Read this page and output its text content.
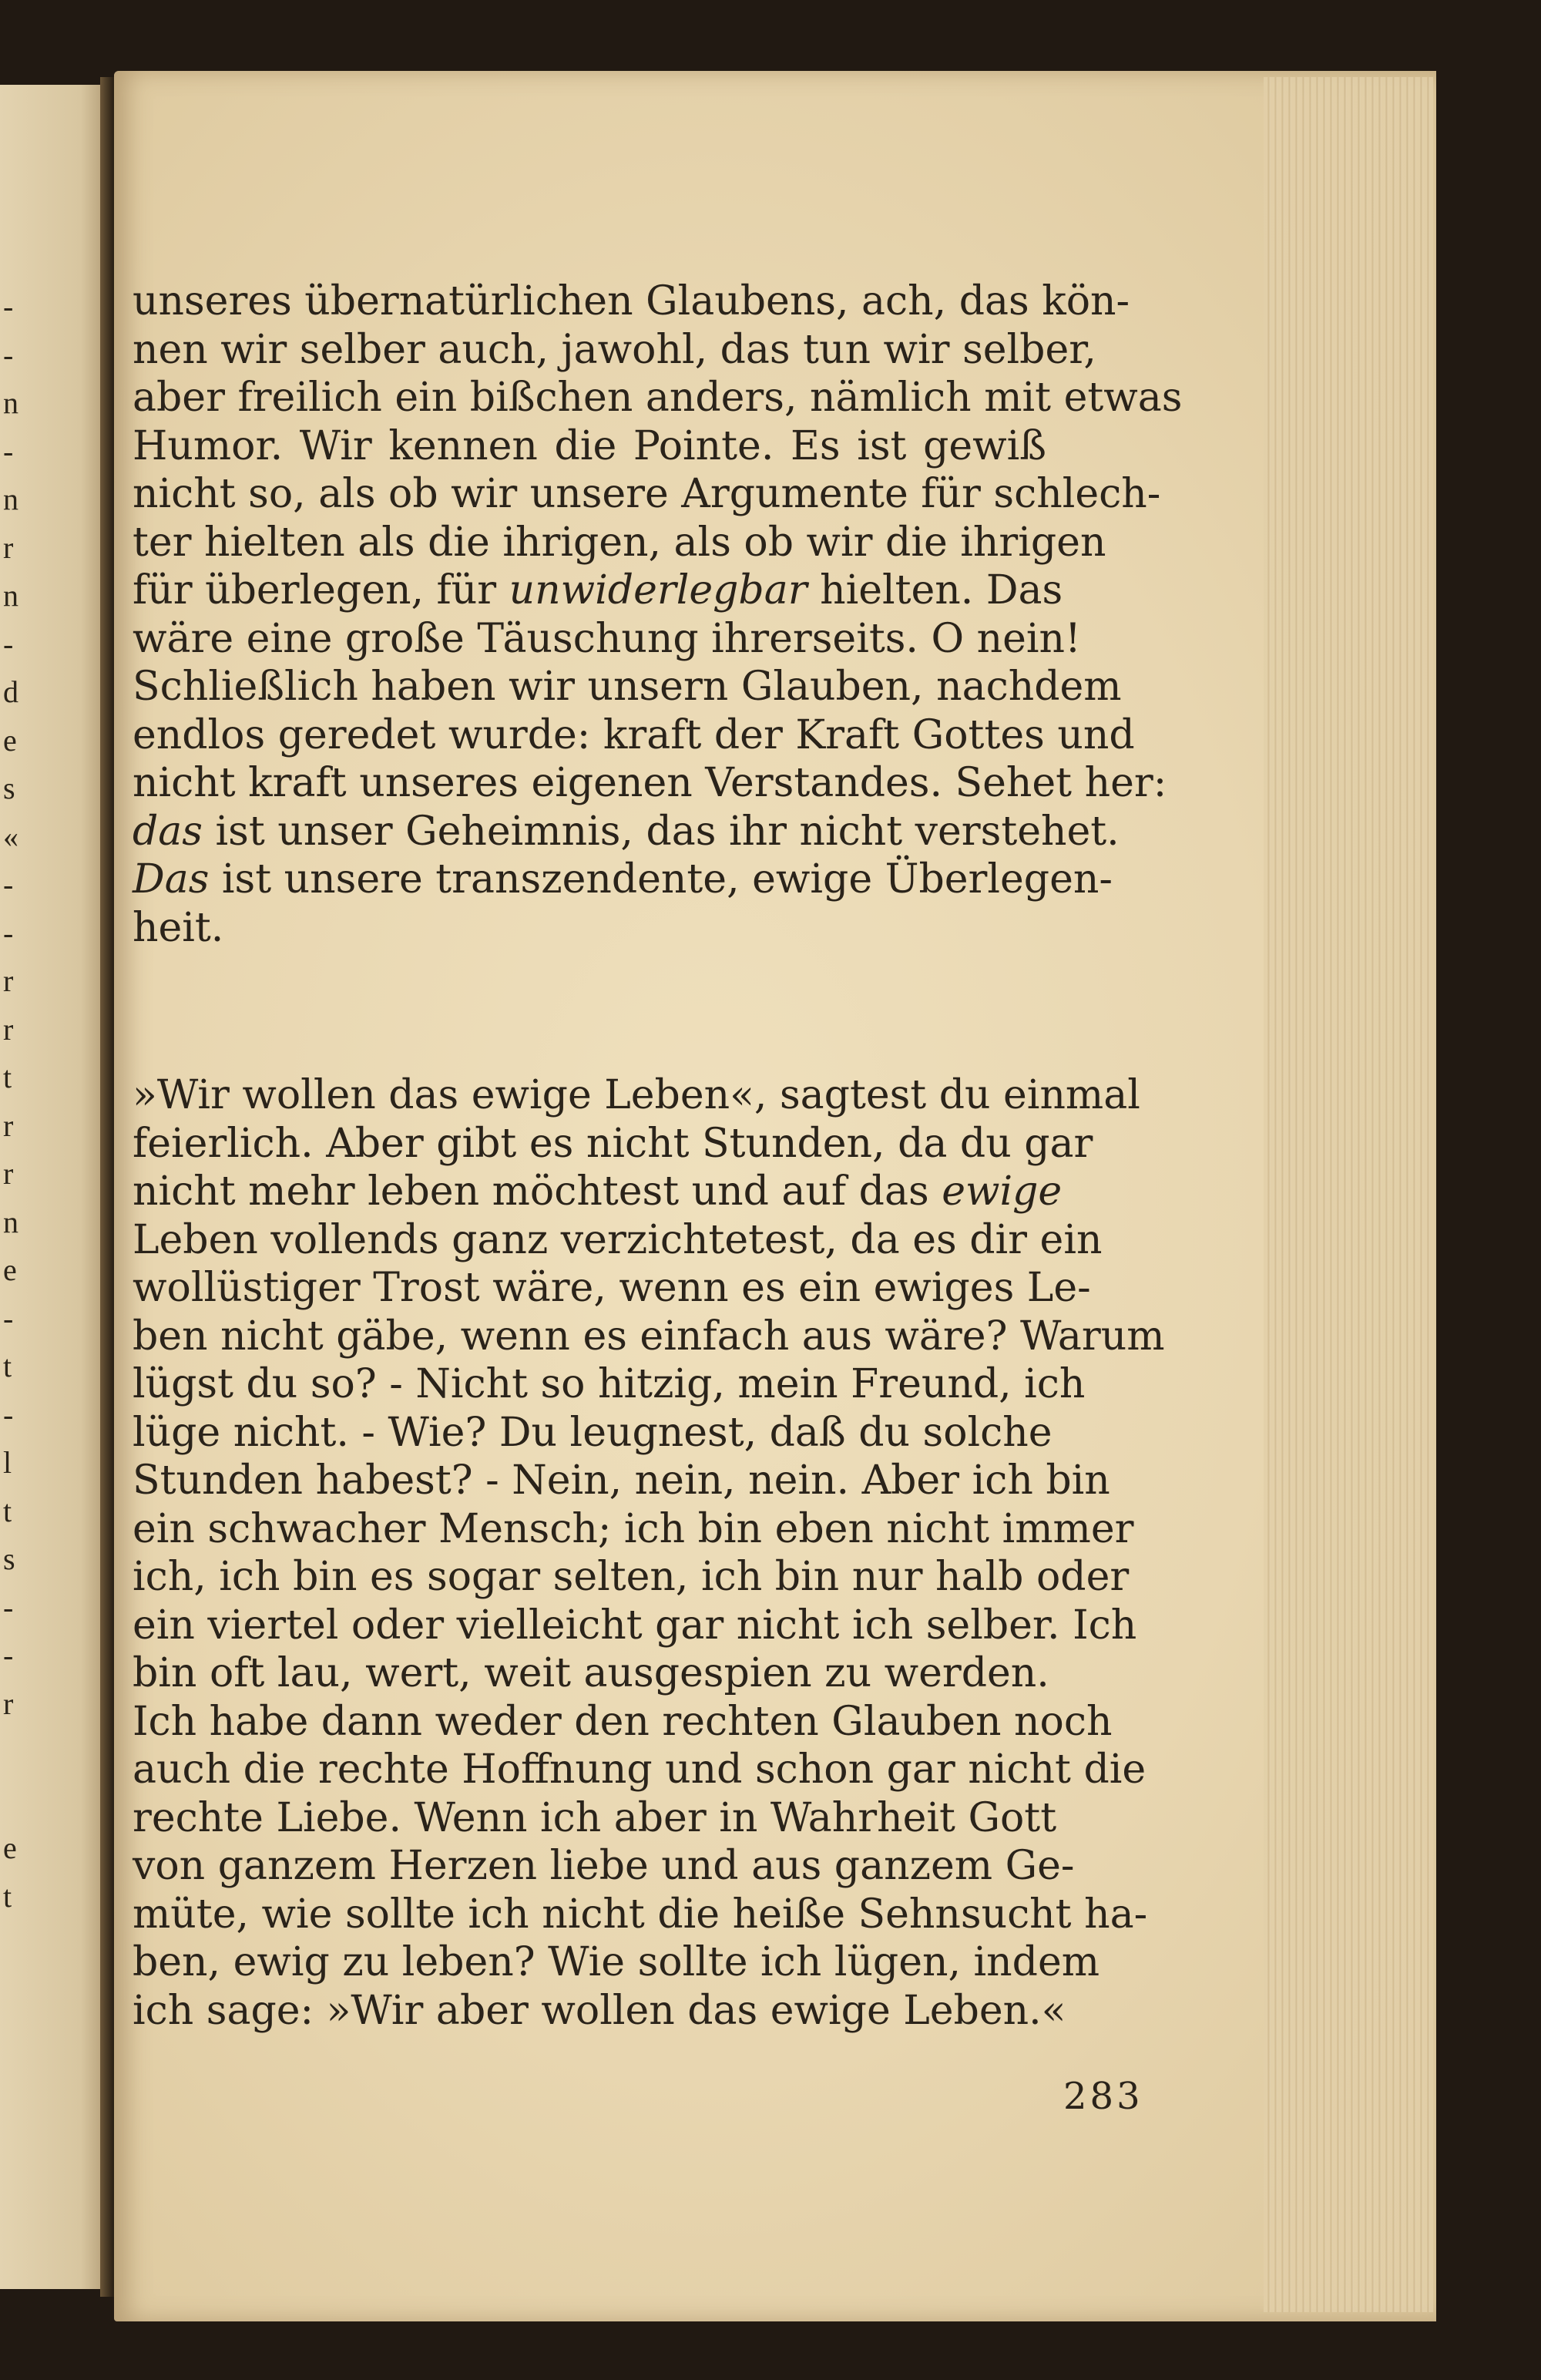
-
-
n
-
n
r
n
-
d
e
s
«
-
-
r
r
t
r
r
n
e
-
t
-
l
t
s
-
-
r
e
t
unseres übernatürlichen Glaubens, ach, das kön-
nen wir selber auch, jawohl, das tun wir selber,
aber freilich ein bißchen anders, nämlich mit etwas
Humor. Wir kennen die Pointe. Es ist gewiß
nicht so, als ob wir unsere Argumente für schlech-
ter hielten als die ihrigen, als ob wir die ihrigen
für überlegen, für unwiderlegbar hielten. Das
wäre eine große Täuschung ihrerseits. O nein!
Schließlich haben wir unsern Glauben, nachdem
endlos geredet wurde: kraft der Kraft Gottes und
nicht kraft unseres eigenen Verstandes. Sehet her:
das ist unser Geheimnis, das ihr nicht verstehet.
Das ist unsere transzendente, ewige Überlegen-
heit.
»Wir wollen das ewige Leben«, sagtest du einmal
feierlich. Aber gibt es nicht Stunden, da du gar
nicht mehr leben möchtest und auf das ewige
Leben vollends ganz verzichtetest, da es dir ein
wollüstiger Trost wäre, wenn es ein ewiges Le-
ben nicht gäbe, wenn es einfach aus wäre? Warum
lügst du so? - Nicht so hitzig, mein Freund, ich
lüge nicht. - Wie? Du leugnest, daß du solche
Stunden habest? - Nein, nein, nein. Aber ich bin
ein schwacher Mensch; ich bin eben nicht immer
ich, ich bin es sogar selten, ich bin nur halb oder
ein viertel oder vielleicht gar nicht ich selber. Ich
bin oft lau, wert, weit ausgespien zu werden.
Ich habe dann weder den rechten Glauben noch
auch die rechte Hoffnung und schon gar nicht die
rechte Liebe. Wenn ich aber in Wahrheit Gott
von ganzem Herzen liebe und aus ganzem Ge-
müte, wie sollte ich nicht die heiße Sehnsucht ha-
ben, ewig zu leben? Wie sollte ich lügen, indem
ich sage: »Wir aber wollen das ewige Leben.«
283
